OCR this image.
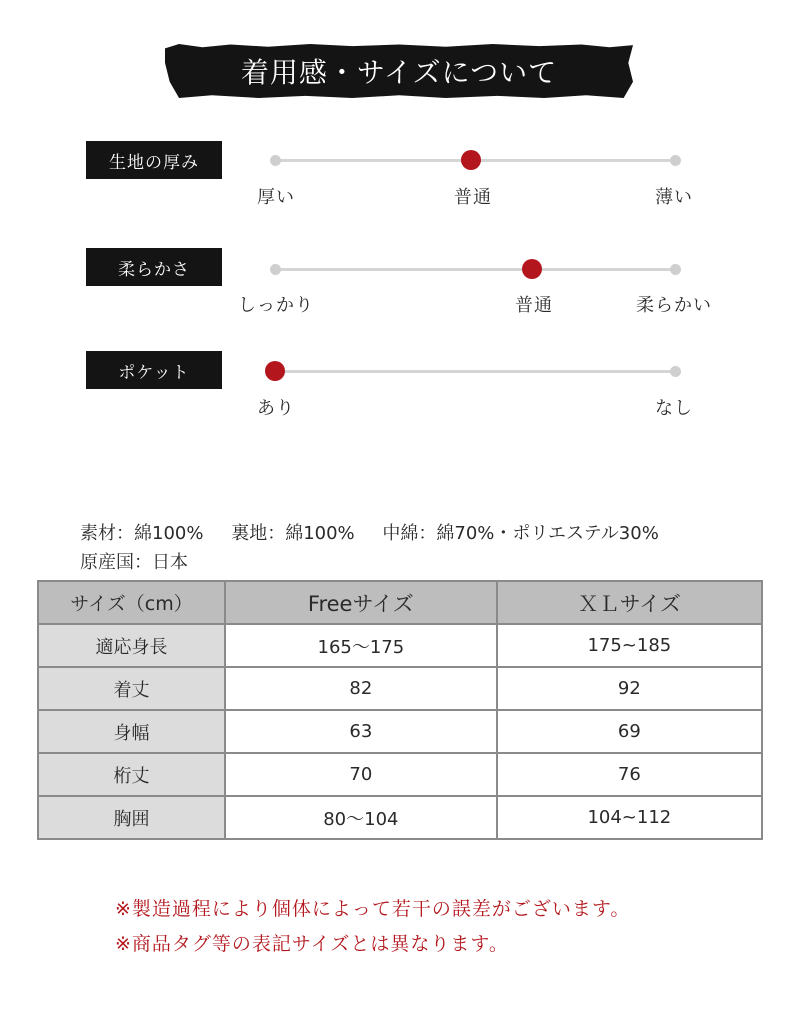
着用感・サイズについて
生地の厚み
厚い	普通	薄い
柔らかさ
しっかり	普通	柔らかい
ポケット
あり	なし
素材：綿100% 裏地：綿100% 中綿：綿70%・ポリエステル30%
原産国：日本
サイズ（cm）	Freeサイズ	ＸＬサイズ
適応身長	165～175	175~185
着丈	82	92
身幅	63	69
桁丈	70	76
胸囲	80～104	104~112
※製造過程により個体によって若干の誤差がございます。
※商品タグ等の表記サイズとは異なります。
